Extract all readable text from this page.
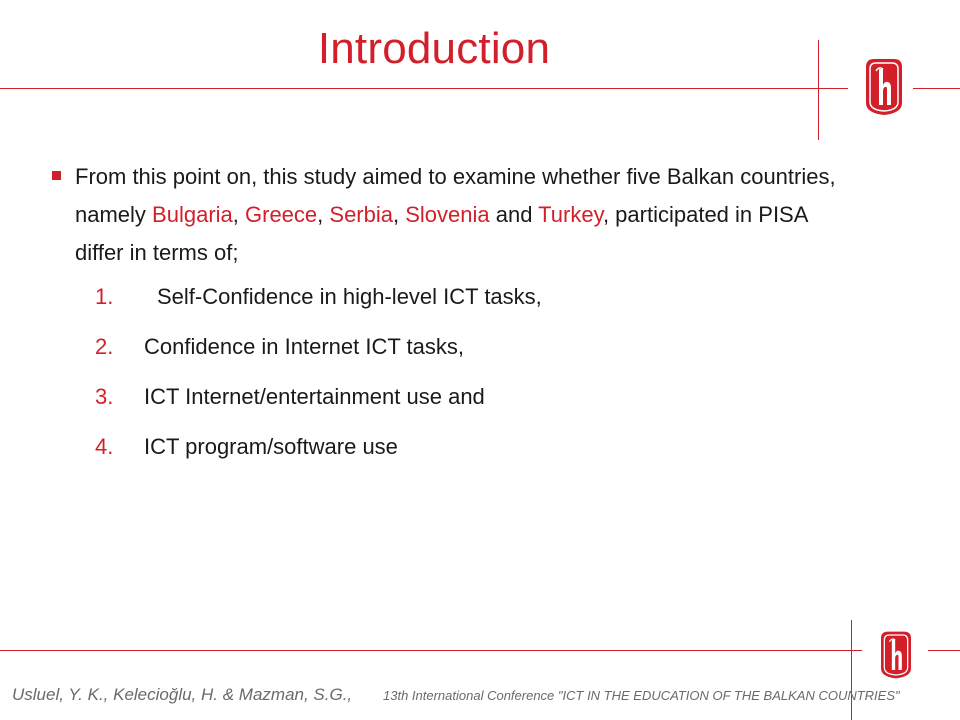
Introduction
From this point on, this study aimed to examine whether five Balkan countries, namely Bulgaria, Greece, Serbia, Slovenia and Turkey, participated in PISA differ in terms of;
1. Self-Confidence in high-level ICT tasks,
2. Confidence in Internet ICT tasks,
3. ICT Internet/entertainment use and
4. ICT program/software use
Usluel, Y. K., Kelecioğlu, H. & Mazman, S.G., 13th International Conference "ICT IN THE EDUCATION OF THE BALKAN COUNTRIES"
